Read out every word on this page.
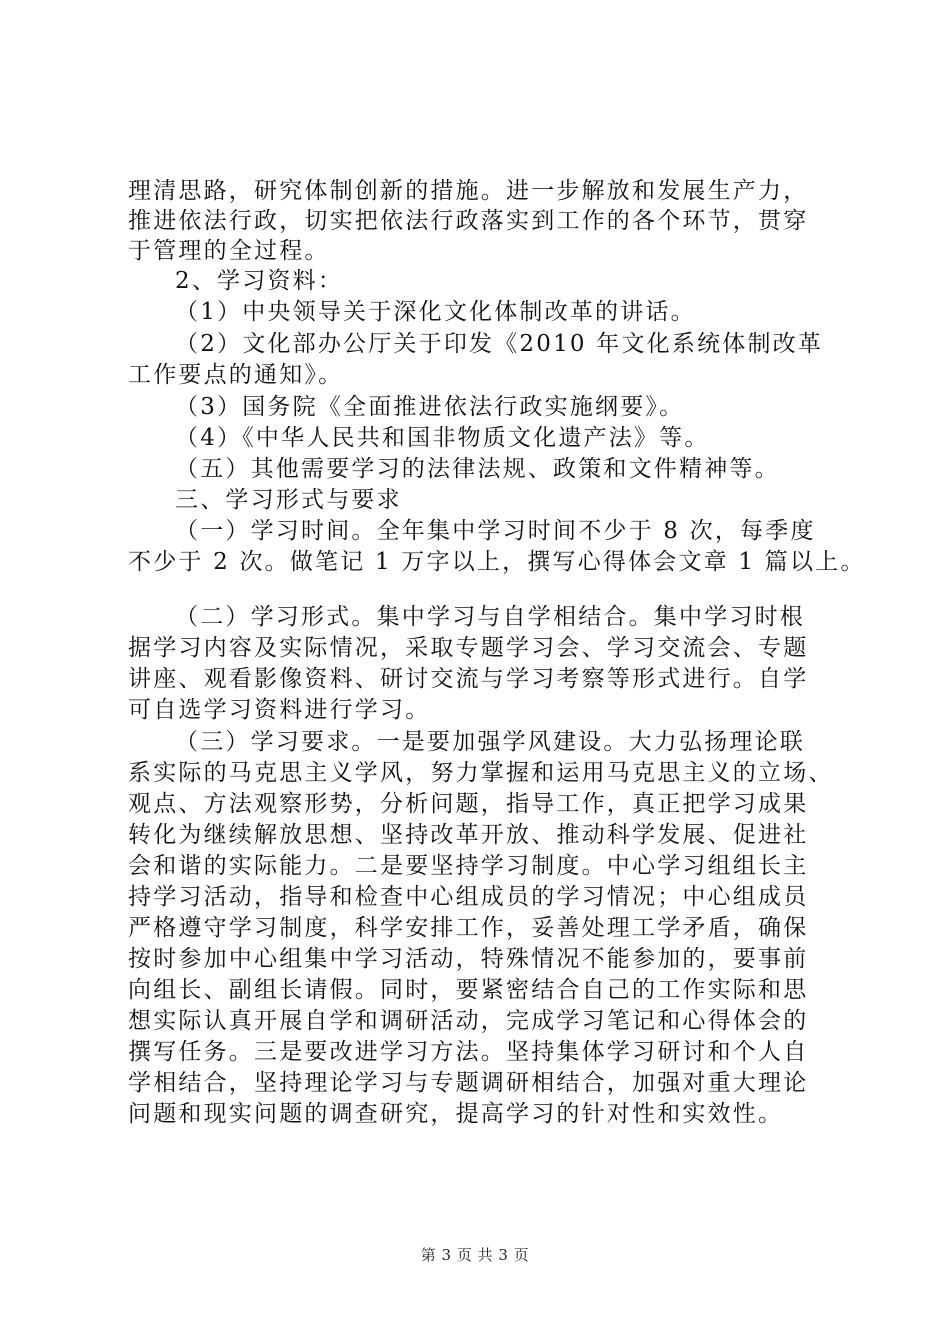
理清思路，研究体制创新的措施。进一步解放和发展生产力，
推进依法行政，切实把依法行政落实到工作的各个环节，贯穿
于管理的全过程。
2、学习资料：
（1）中央领导关于深化文化体制改革的讲话。
（2）文化部办公厅关于印发《2010 年文化系统体制改革
工作要点的通知》。
（3）国务院《全面推进依法行政实施纲要》。
（4）《中华人民共和国非物质文化遗产法》等。
（五）其他需要学习的法律法规、政策和文件精神等。
三、学习形式与要求
（一）学习时间。全年集中学习时间不少于 8 次，每季度
不少于 2 次。做笔记 1 万字以上，撰写心得体会文章 1 篇以上。
（二）学习形式。集中学习与自学相结合。集中学习时根
据学习内容及实际情况，采取专题学习会、学习交流会、专题
讲座、观看影像资料、研讨交流与学习考察等形式进行。自学
可自选学习资料进行学习。
（三）学习要求。一是要加强学风建设。大力弘扬理论联
系实际的马克思主义学风，努力掌握和运用马克思主义的立场、
观点、方法观察形势，分析问题，指导工作，真正把学习成果
转化为继续解放思想、坚持改革开放、推动科学发展、促进社
会和谐的实际能力。二是要坚持学习制度。中心学习组组长主
持学习活动，指导和检查中心组成员的学习情况；中心组成员
严格遵守学习制度，科学安排工作，妥善处理工学矛盾，确保
按时参加中心组集中学习活动，特殊情况不能参加的，要事前
向组长、副组长请假。同时，要紧密结合自己的工作实际和思
想实际认真开展自学和调研活动，完成学习笔记和心得体会的
撰写任务。三是要改进学习方法。坚持集体学习研讨和个人自
学相结合，坚持理论学习与专题调研相结合，加强对重大理论
问题和现实问题的调查研究，提高学习的针对性和实效性。
第 3 页 共 3 页
